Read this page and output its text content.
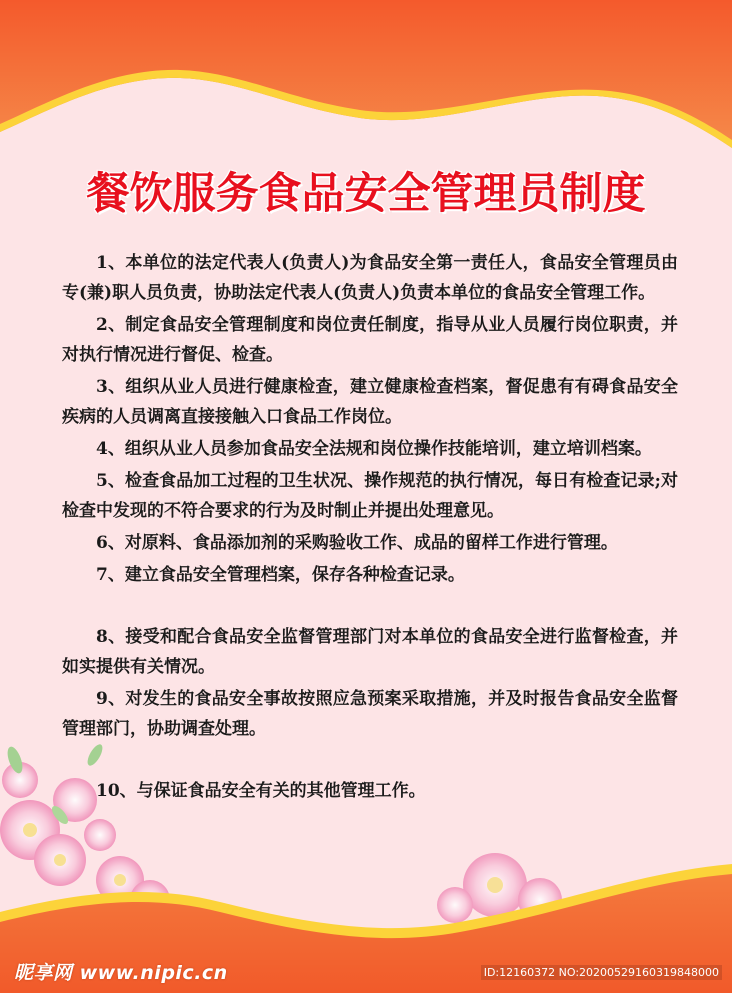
餐饮服务食品安全管理员制度

1、本单位的法定代表人(负责人)为食品安全第一责任人，食品安全管理员由专(兼)职人员负责，协助法定代表人(负责人)负责本单位的食品安全管理工作。

2、制定食品安全管理制度和岗位责任制度，指导从业人员履行岗位职责，并对执行情况进行督促、检查。

3、组织从业人员进行健康检查，建立健康检查档案，督促患有有碍食品安全疾病的人员调离直接接触入口食品工作岗位。

4、组织从业人员参加食品安全法规和岗位操作技能培训，建立培训档案。

5、检查食品加工过程的卫生状况、操作规范的执行情况，每日有检查记录;对检查中发现的不符合要求的行为及时制止并提出处理意见。

6、对原料、食品添加剂的采购验收工作、成品的留样工作进行管理。

7、建立食品安全管理档案，保存各种检查记录。

8、接受和配合食品安全监督管理部门对本单位的食品安全进行监督检查，并如实提供有关情况。

9、对发生的食品安全事故按照应急预案采取措施，并及时报告食品安全监督管理部门，协助调查处理。

10、与保证食品安全有关的其他管理工作。

昵享网 www.nipic.cn	ID:12160372 NO:20200529160319848000
